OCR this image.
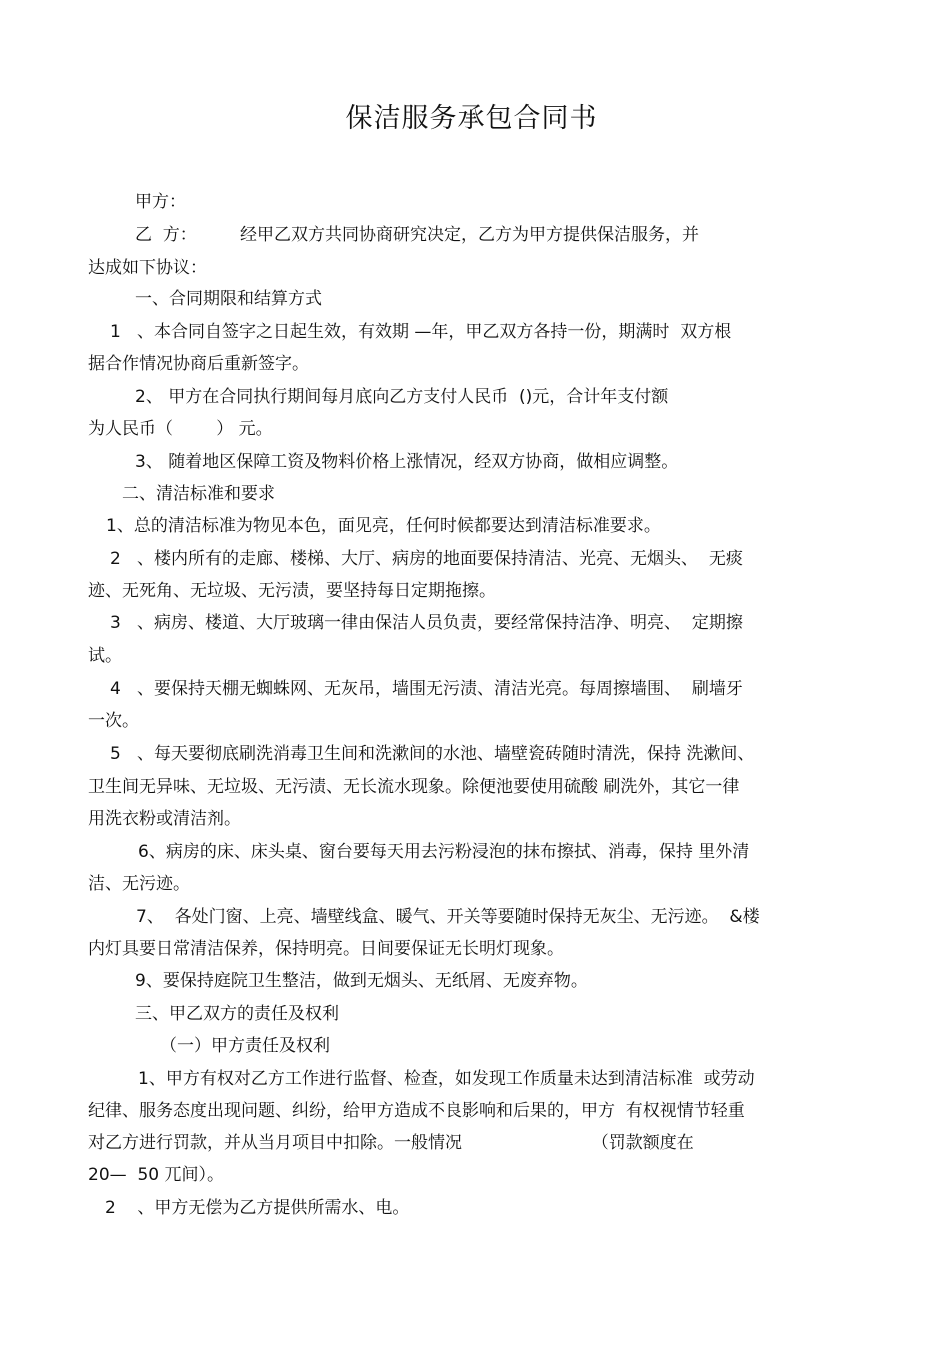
保洁服务承包合同书
甲方：
乙  方：        经甲乙双方共同协商研究决定，乙方为甲方提供保洁服务，并
达成如下协议：
一、合同期限和结算方式
1   、本合同自签字之日起生效，有效期 —年，甲乙双方各持一份，期满时  双方根
据合作情况协商后重新签字。
2、 甲方在合同执行期间每月底向乙方支付人民币  ()元，合计年支付额
为人民币（        ） 元。
3、 随着地区保障工资及物料价格上涨情况，经双方协商，做相应调整。
二、清洁标准和要求
1、总的清洁标准为物见本色，面见亮，任何时候都要达到清洁标准要求。
2   、楼内所有的走廊、楼梯、大厅、病房的地面要保持清洁、光亮、无烟头、  无痰
迹、无死角、无垃圾、无污渍，要坚持每日定期拖擦。
3   、病房、楼道、大厅玻璃一律由保洁人员负责，要经常保持洁净、明亮、  定期擦
试。
4   、要保持天棚无蜘蛛网、无灰吊，墙围无污渍、清洁光亮。每周擦墙围、  刷墙牙
一次。
5   、每天要彻底刷洗消毒卫生间和洗漱间的水池、墙壁瓷砖随时清洗，保持 洗漱间、
卫生间无异味、无垃圾、无污渍、无长流水现象。除便池要使用硫酸 刷洗外，其它一律
用洗衣粉或清洁剂。
6、病房的床、床头桌、窗台要每天用去污粉浸泡的抹布擦拭、消毒，保持 里外清
洁、无污迹。
7、  各处门窗、上亮、墙壁线盒、暖气、开关等要随时保持无灰尘、无污迹。  &楼
内灯具要日常清洁保养，保持明亮。日间要保证无长明灯现象。
9、要保持庭院卫生整洁，做到无烟头、无纸屑、无废弃物。
三、甲乙双方的责任及权利
（一）甲方责任及权利
1、甲方有权对乙方工作进行监督、检查，如发现工作质量未达到清洁标准  或劳动
纪律、服务态度出现问题、纠纷，给甲方造成不良影响和后果的，甲方  有权视情节轻重
对乙方进行罚款，并从当月项目中扣除。一般情况                        （罚款额度在
20—  50 兀间）。
2    、甲方无偿为乙方提供所需水、电。
